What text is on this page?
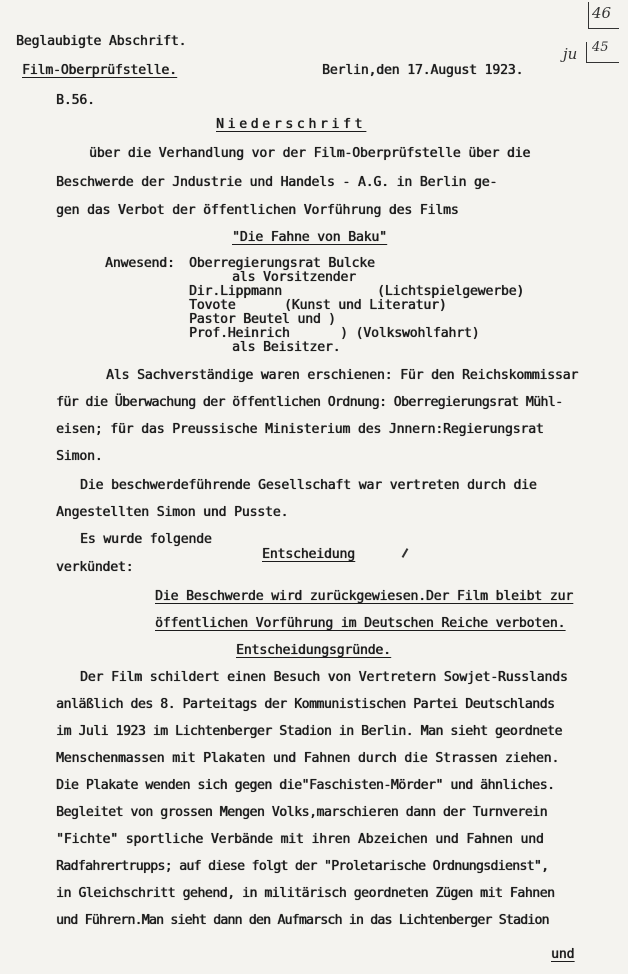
46
45
ju
Beglaubigte Abschrift.
Film-Oberprüfstelle.	Berlin,den 17.August 1923.
B.56.
Niederschrift
über die Verhandlung vor der Film-Oberprüfstelle über die
Beschwerde der Jndustrie und Handels - A.G. in Berlin ge-
gen das Verbot der öffentlichen Vorführung des Films
"Die Fahne von Baku"
Anwesend: Oberregierungsrat Bulcke
als Vorsitzender
Dir.Lippmann	(Lichtspielgewerbe)
Tovote	(Kunst und Literatur)
Pastor Beutel und )
Prof.Heinrich	) (Volkswohlfahrt)
als Beisitzer.
Als Sachverständige waren erschienen: Für den Reichskommissar
für die Überwachung der öffentlichen Ordnung: Oberregierungsrat Mühl-
eisen; für das Preussische Ministerium des Jnnern:Regierungsrat
Simon.
Die beschwerdeführende Gesellschaft war vertreten durch die
Angestellten Simon und Pusste.
Es wurde folgende
Entscheidung
verkündet:
Die Beschwerde wird zurückgewiesen.Der Film bleibt zur
öffentlichen Vorführung im Deutschen Reiche verboten.
Entscheidungsgründe.
Der Film schildert einen Besuch von Vertretern Sowjet-Russlands
anläßlich des 8. Parteitags der Kommunistischen Partei Deutschlands
im Juli 1923 im Lichtenberger Stadion in Berlin. Man sieht geordnete
Menschenmassen mit Plakaten und Fahnen durch die Strassen ziehen.
Die Plakate wenden sich gegen die"Faschisten-Mörder" und ähnliches.
Begleitet von grossen Mengen Volks,marschieren dann der Turnverein
"Fichte" sportliche Verbände mit ihren Abzeichen und Fahnen und
Radfahrertrupps; auf diese folgt der "Proletarische Ordnungsdienst",
in Gleichschritt gehend, in militärisch geordneten Zügen mit Fahnen
und Führern.Man sieht dann den Aufmarsch in das Lichtenberger Stadion
und
